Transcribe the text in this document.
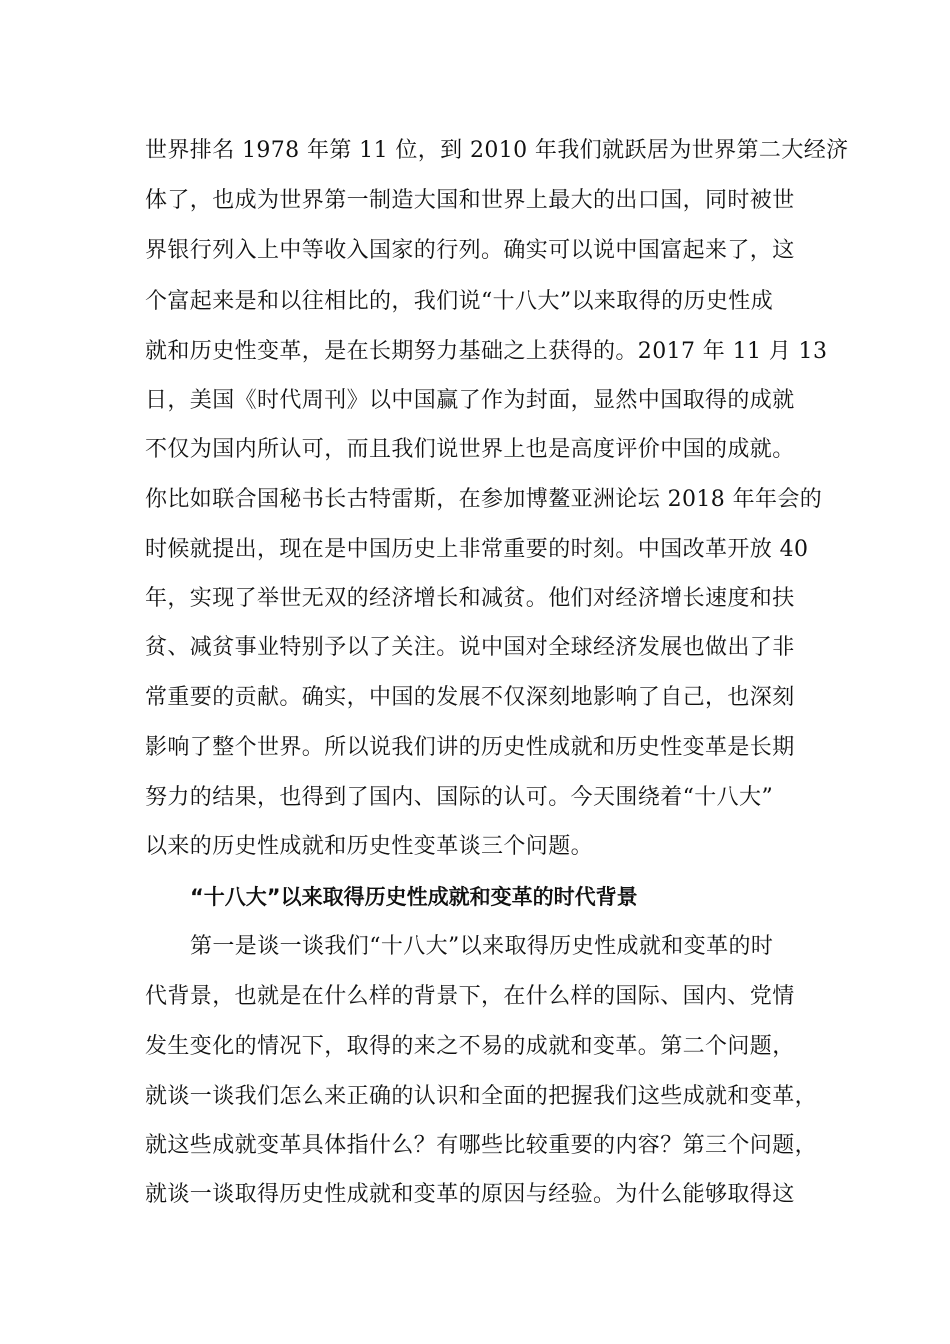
世界排名 1978 年第 11 位，到 2010 年我们就跃居为世界第二大经济
体了，也成为世界第一制造大国和世界上最大的出口国，同时被世
界银行列入上中等收入国家的行列。确实可以说中国富起来了，这
个富起来是和以往相比的，我们说“十八大”以来取得的历史性成
就和历史性变革，是在长期努力基础之上获得的。2017 年 11 月 13
日，美国《时代周刊》以中国赢了作为封面，显然中国取得的成就
不仅为国内所认可，而且我们说世界上也是高度评价中国的成就。
你比如联合国秘书长古特雷斯，在参加博鳌亚洲论坛 2018 年年会的
时候就提出，现在是中国历史上非常重要的时刻。中国改革开放 40
年，实现了举世无双的经济增长和减贫。他们对经济增长速度和扶
贫、减贫事业特别予以了关注。说中国对全球经济发展也做出了非
常重要的贡献。确实，中国的发展不仅深刻地影响了自己，也深刻
影响了整个世界。所以说我们讲的历史性成就和历史性变革是长期
努力的结果，也得到了国内、国际的认可。今天围绕着“十八大”
以来的历史性成就和历史性变革谈三个问题。
“十八大”以来取得历史性成就和变革的时代背景
第一是谈一谈我们“十八大”以来取得历史性成就和变革的时
代背景，也就是在什么样的背景下，在什么样的国际、国内、党情
发生变化的情况下，取得的来之不易的成就和变革。第二个问题，
就谈一谈我们怎么来正确的认识和全面的把握我们这些成就和变革，
就这些成就变革具体指什么？有哪些比较重要的内容？第三个问题，
就谈一谈取得历史性成就和变革的原因与经验。为什么能够取得这
